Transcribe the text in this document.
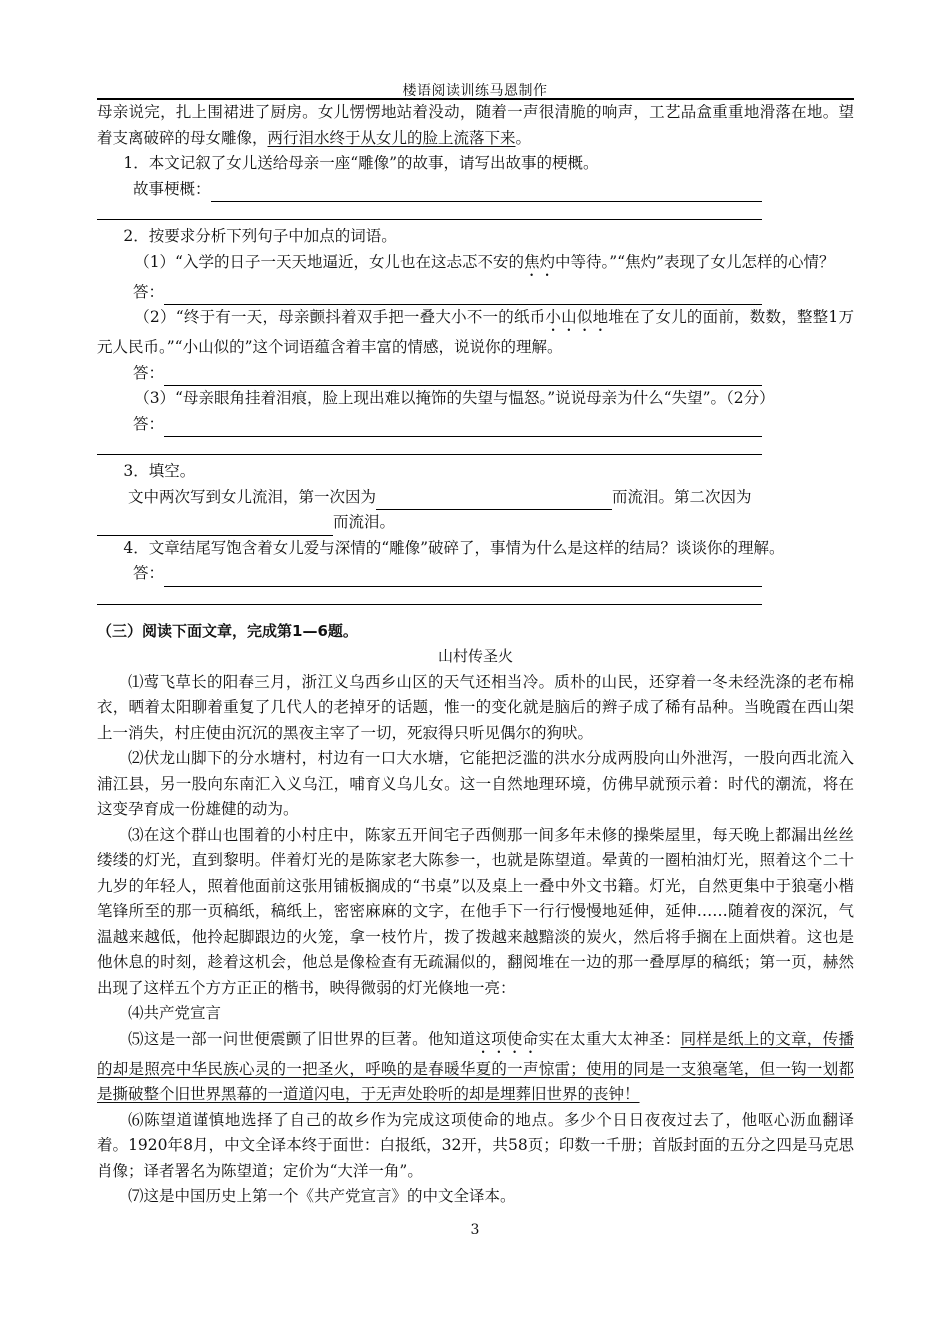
楼语阅读训练马恩制作

母亲说完，扎上围裙进了厨房。女儿愣愣地站着没动，随着一声很清脆的响声，工艺品盒重重地滑落在地。望着支离破碎的母女雕像，两行泪水终于从女儿的脸上流落下来。

1．本文记叙了女儿送给母亲一座“雕像”的故事，请写出故事的梗概。

故事梗概：

2．按要求分析下列句子中加点的词语。

（1）“入学的日子一天天地逼近，女儿也在这忐忑不安的焦灼中等待。”“焦灼”表现了女儿怎样的心情？

答：

（2）“终于有一天，母亲颤抖着双手把一叠大小不一的纸币小山似地堆在了女儿的面前，数数，整整1万元人民币。”“小山似的”这个词语蕴含着丰富的情感，说说你的理解。

答：

（3）“母亲眼角挂着泪痕，脸上现出难以掩饰的失望与愠怒。”说说母亲为什么“失望”。（2分）

答：

3．填空。

文中两次写到女儿流泪，第一次因为	而流泪。第二次因为

而流泪。

4．文章结尾写饱含着女儿爱与深情的“雕像”破碎了，事情为什么是这样的结局？谈谈你的理解。

答：

（三）阅读下面文章，完成第1—6题。

山村传圣火

⑴莺飞草长的阳春三月，浙江义乌西乡山区的天气还相当冷。质朴的山民，还穿着一冬未经洗涤的老布棉衣，晒着太阳聊着重复了几代人的老掉牙的话题，惟一的变化就是脑后的辫子成了稀有品种。当晚霞在西山架上一消失，村庄使由沉沉的黑夜主宰了一切，死寂得只听见偶尔的狗吠。

⑵伏龙山脚下的分水塘村，村边有一口大水塘，它能把泛滥的洪水分成两股向山外泄泻，一股向西北流入浦江县，另一股向东南汇入义乌江，哺育义乌儿女。这一自然地理环境，仿佛早就预示着：时代的潮流，将在这变孕育成一份雄健的动为。

⑶在这个群山也围着的小村庄中，陈家五开间宅子西侧那一间多年未修的操柴屋里，每天晚上都漏出丝丝缕缕的灯光，直到黎明。伴着灯光的是陈家老大陈参一，也就是陈望道。晕黄的一圈柏油灯光，照着这个二十九岁的年轻人，照着他面前这张用铺板搁成的“书桌”以及桌上一叠中外文书籍。灯光，自然更集中于狼毫小楷笔锋所至的那一页稿纸，稿纸上，密密麻麻的文字，在他手下一行行慢慢地延伸，延伸……随着夜的深沉，气温越来越低，他拎起脚跟边的火笼，拿一枝竹片，拨了拨越来越黯淡的炭火，然后将手搁在上面烘着。这也是他休息的时刻，趁着这机会，他总是像检查有无疏漏似的，翻阅堆在一边的那一叠厚厚的稿纸；第一页，赫然出现了这样五个方方正正的楷书，映得微弱的灯光倏地一亮：

⑷共产党宣言

⑸这是一部一问世便震颤了旧世界的巨著。他知道这项使命实在太重大太神圣：同样是纸上的文章，传播的却是照亮中华民族心灵的一把圣火，呼唤的是春暖华夏的一声惊雷；使用的同是一支狼毫笔，但一钩一划都是撕破整个旧世界黑幕的一道道闪电，于无声处聆听的却是埋葬旧世界的丧钟！

⑹陈望道谨慎地选择了自己的故乡作为完成这项使命的地点。多少个日日夜夜过去了，他呕心沥血翻译着。1920年8月，中文全译本终于面世：白报纸，32开，共58页；印数一千册；首版封面的五分之四是马克思肖像；译者署名为陈望道；定价为“大洋一角”。

⑺这是中国历史上第一个《共产党宣言》的中文全译本。

3
